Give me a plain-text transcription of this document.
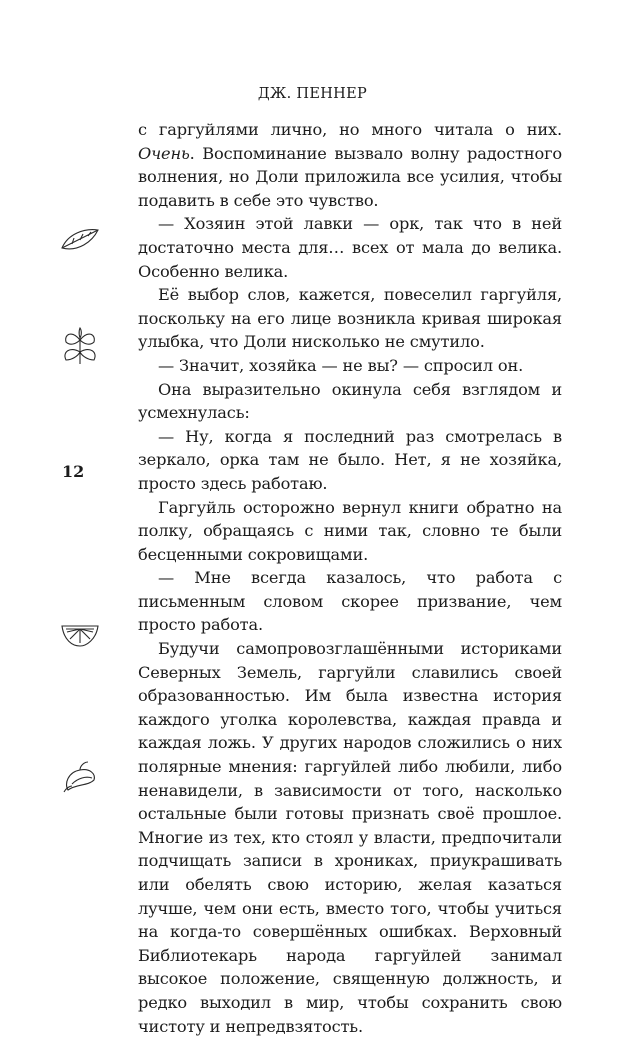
ДЖ. ПЕННЕР
12

с гаргуйлями лично, но много читала о них. Очень. Воспоминание вызвало волну радостного волнения, но Доли приложила все усилия, чтобы подавить в себе это чувство.

— Хозяин этой лавки — орк, так что в ней достаточно места для… всех от мала до велика. Особенно велика.

Её выбор слов, кажется, повеселил гаргуйля, поскольку на его лице возникла кривая широкая улыбка, что Доли нисколько не смутило.

— Значит, хозяйка — не вы? — спросил он.

Она выразительно окинула себя взглядом и усмехнулась:

— Ну, когда я последний раз смотрелась в зеркало, орка там не было. Нет, я не хозяйка, просто здесь работаю.

Гаргуйль осторожно вернул книги обратно на полку, обращаясь с ними так, словно те были бесценными сокровищами.

— Мне всегда казалось, что работа с письменным словом скорее призвание, чем просто работа.

Будучи самопровозглашёнными историками Северных Земель, гаргуйли славились своей образованностью. Им была известна история каждого уголка королевства, каждая правда и каждая ложь. У других народов сложились о них полярные мнения: гаргуйлей либо любили, либо ненавидели, в зависимости от того, насколько остальные были готовы признать своё прошлое. Многие из тех, кто стоял у власти, предпочитали подчищать записи в хрониках, приукрашивать или обелять свою историю, желая казаться лучше, чем они есть, вместо того, чтобы учиться на когда-то совершённых ошибках. Верховный Библиотекарь народа гаргуйлей занимал высокое положение, священную должность, и редко выходил в мир, чтобы сохранить свою чистоту и непредвзятость.
